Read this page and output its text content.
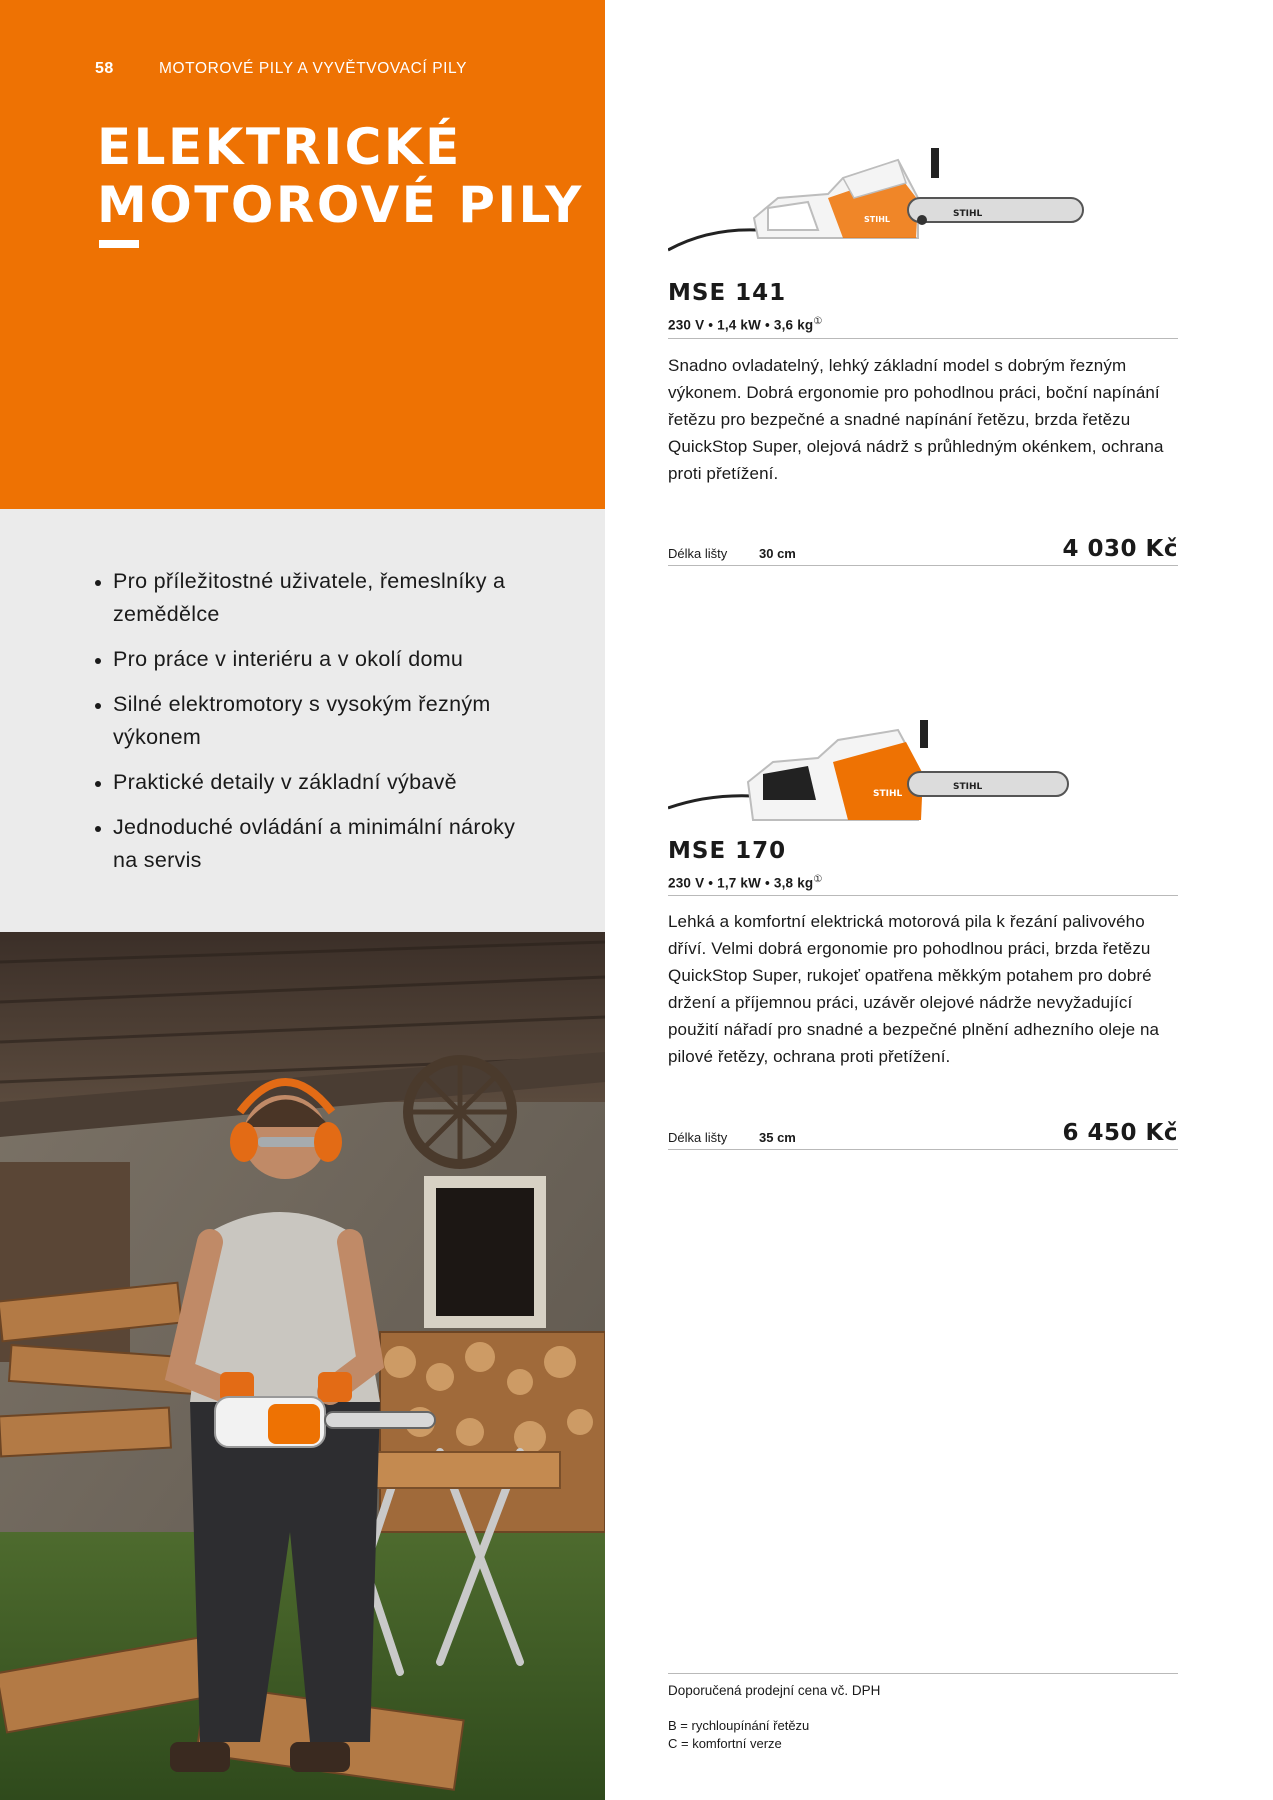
58	MOTOROVÉ PILY A VYVĚTVOVACÍ PILY
ELEKTRICKÉ
MOTOROVÉ PILY
Pro příležitostné uživatele, řemeslníky a zemědělce
Pro práce v interiéru a v okolí domu
Silné elektromotory s vysokým řezným výkonem
Praktické detaily v základní výbavě
Jednoduché ovládání a minimální nároky na servis
STIHL
STIHL
MSE 141
230 V • 1,4 kW • 3,6 kg①

Snadno ovladatelný, lehký základní model s dobrým řezným výkonem. Dobrá ergonomie pro pohodlnou práci, boční napínání řetězu pro bezpečné a snadné napínání řetězu, brzda řetězu QuickStop Super, olejová nádrž s průhledným okénkem, ochrana proti přetížení.

Délka lišty 30 cm	4 030 Kč
STIHL
STIHL
MSE 170
230 V • 1,7 kW • 3,8 kg①

Lehká a komfortní elektrická motorová pila k řezání palivového dříví. Velmi dobrá ergonomie pro pohodlnou práci, brzda řetězu QuickStop Super, rukojeť opatřena měkkým potahem pro dobré držení a příjemnou práci, uzávěr olejové nádrže nevyžadující použití nářadí pro snadné a bezpečné plnění adhezního oleje na pilové řetězy, ochrana proti přetížení.

Délka lišty 35 cm	6 450 Kč
Doporučená prodejní cena vč. DPH
B = rychloupínání řetězu
C = komfortní verze
